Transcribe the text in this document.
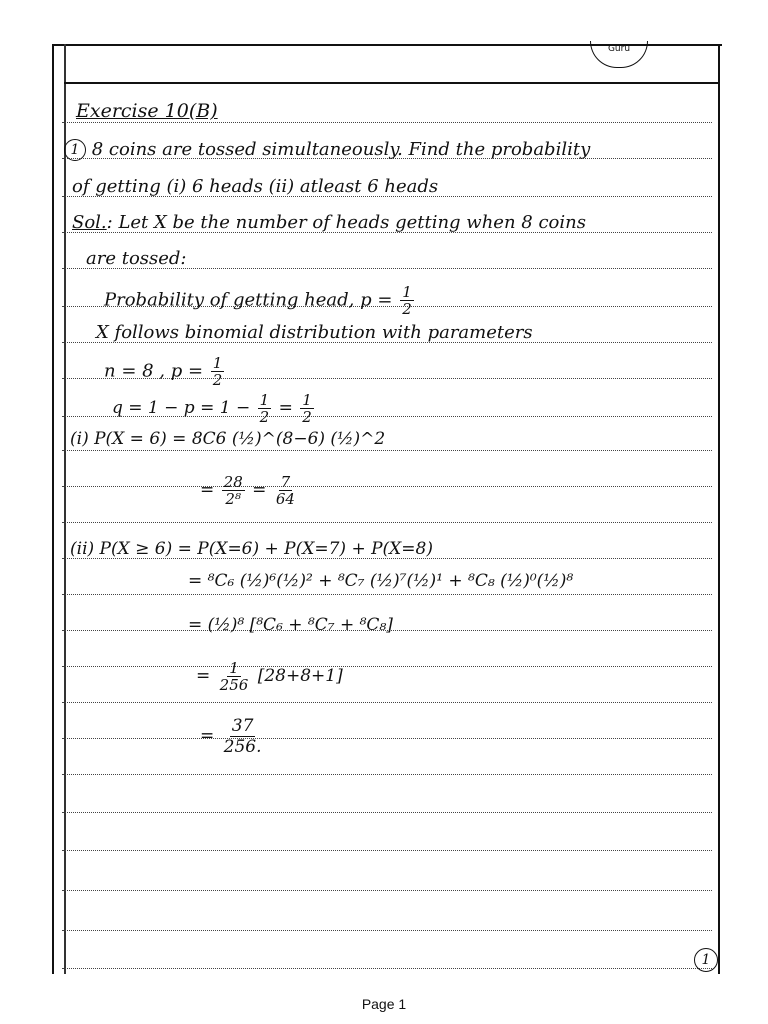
Guru
Exercise 10(B)
1 8 coins are tossed simultaneously. Find the probability
of getting (i) 6 heads (ii) atleast 6 heads
Sol.: Let X be the number of heads getting when 8 coins
are tossed:
Probability of getting head, $p = \frac{1}{2}$
X follows binomial distribution with parameters
n = 8 , $p = \frac{1}{2}$
$q = 1 - p = 1 - \frac{1}{2} = \frac{1}{2}$
(i) P(X = 6) = 8C6 (½)^(8−6) (½)^2
= $\frac{28}{\text{2⁸}} = \frac{7}{64}$
(ii) P(X ≥ 6) = P(X=6) + P(X=7) + P(X=8)
= ⁸C₆ (½)⁶(½)² + ⁸C₇ (½)⁷(½)¹ + ⁸C₈ (½)⁰(½)⁸
= (½)⁸ [⁸C₆ + ⁸C₇ + ⁸C₈]
= $\frac{1}{256} [28+8+1]$
= $\frac{37}{256.}$
1
Page 1
